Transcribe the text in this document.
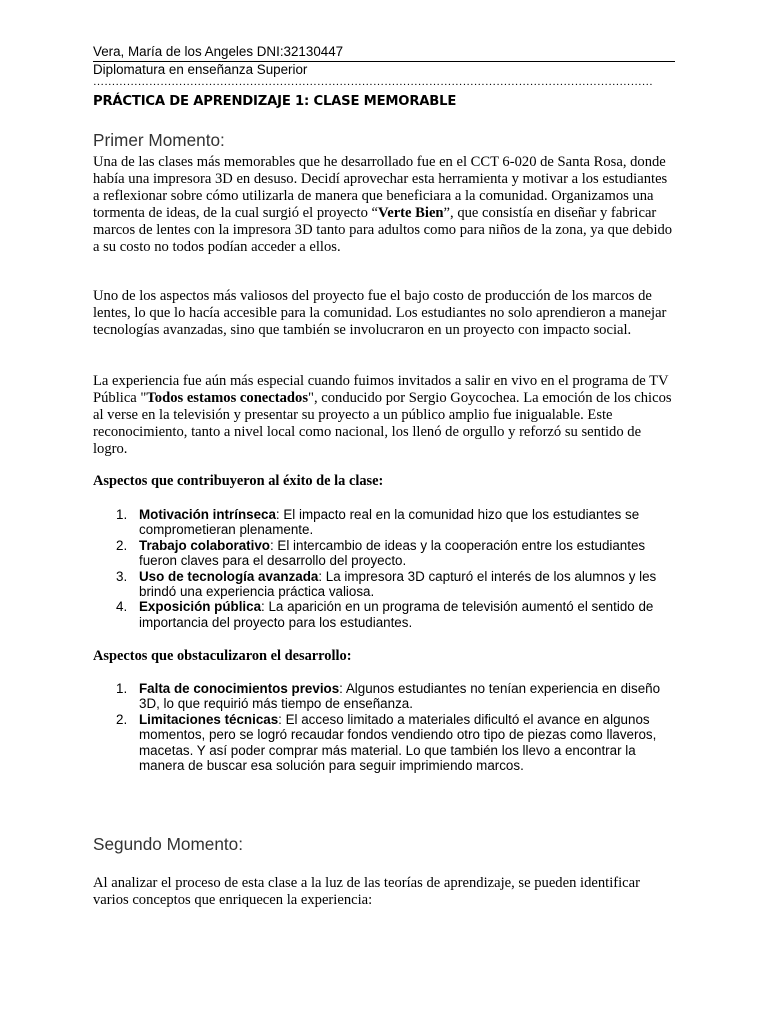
Vera, María de los Angeles DNI:32130447
Diplomatura en enseñanza Superior
……………………………………………………………………………………………………………………………………
PRÁCTICA DE APRENDIZAJE 1: CLASE MEMORABLE
Primer Momento:

Una de las clases más memorables que he desarrollado fue en el CCT 6-020 de Santa Rosa, donde había una impresora 3D en desuso. Decidí aprovechar esta herramienta y motivar a los estudiantes a reflexionar sobre cómo utilizarla de manera que beneficiara a la comunidad. Organizamos una tormenta de ideas, de la cual surgió el proyecto “Verte Bien”, que consistía en diseñar y fabricar marcos de lentes con la impresora 3D tanto para adultos como para niños de la zona, ya que debido a su costo no todos podían acceder a ellos.

Uno de los aspectos más valiosos del proyecto fue el bajo costo de producción de los marcos de lentes, lo que lo hacía accesible para la comunidad. Los estudiantes no solo aprendieron a manejar tecnologías avanzadas, sino que también se involucraron en un proyecto con impacto social.

La experiencia fue aún más especial cuando fuimos invitados a salir en vivo en el programa de TV Pública "Todos estamos conectados", conducido por Sergio Goycochea. La emoción de los chicos al verse en la televisión y presentar su proyecto a un público amplio fue inigualable. Este reconocimiento, tanto a nivel local como nacional, los llenó de orgullo y reforzó su sentido de logro.

Aspectos que contribuyeron al éxito de la clase:
1. Motivación intrínseca: El impacto real en la comunidad hizo que los estudiantes se comprometieran plenamente.
2. Trabajo colaborativo: El intercambio de ideas y la cooperación entre los estudiantes fueron claves para el desarrollo del proyecto.
3. Uso de tecnología avanzada: La impresora 3D capturó el interés de los alumnos y les brindó una experiencia práctica valiosa.
4. Exposición pública: La aparición en un programa de televisión aumentó el sentido de importancia del proyecto para los estudiantes.
Aspectos que obstaculizaron el desarrollo:
1. Falta de conocimientos previos: Algunos estudiantes no tenían experiencia en diseño 3D, lo que requirió más tiempo de enseñanza.
2. Limitaciones técnicas: El acceso limitado a materiales dificultó el avance en algunos momentos, pero se logró recaudar fondos vendiendo otro tipo de piezas como llaveros, macetas. Y así poder comprar más material. Lo que también los llevo a encontrar la manera de buscar esa solución para seguir imprimiendo marcos.
Segundo Momento:

Al analizar el proceso de esta clase a la luz de las teorías de aprendizaje, se pueden identificar varios conceptos que enriquecen la experiencia:
